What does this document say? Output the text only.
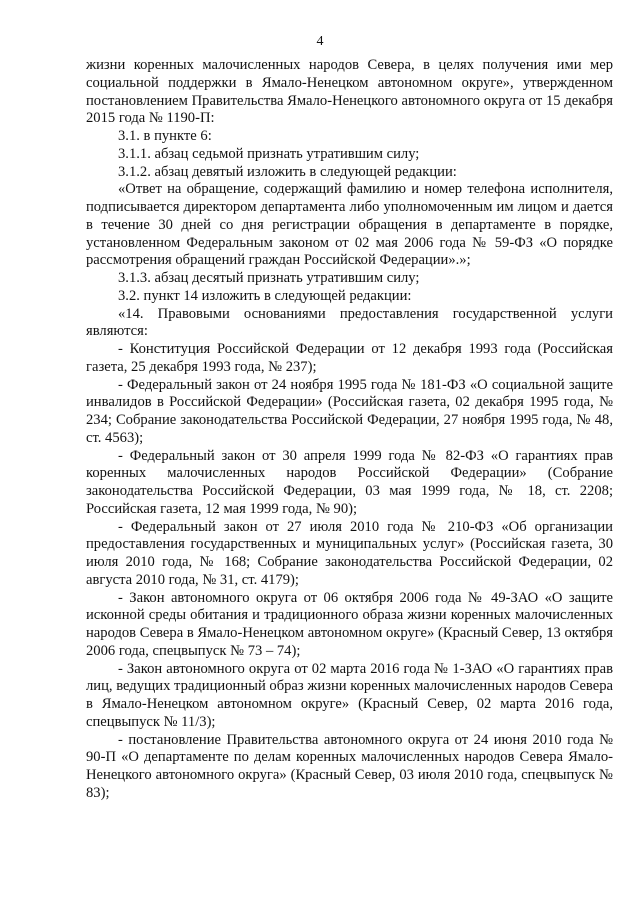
4

жизни коренных малочисленных народов Севера, в целях получения ими мер социальной поддержки в Ямало-Ненецком автономном округе», утвержденном постановлением Правительства Ямало-Ненецкого автономного округа от 15 декабря 2015 года № 1190-П:

3.1. в пункте 6:

3.1.1. абзац седьмой признать утратившим силу;

3.1.2. абзац девятый изложить в следующей редакции:

«Ответ на обращение, содержащий фамилию и номер телефона исполнителя, подписывается директором департамента либо уполномоченным им лицом и дается в течение 30 дней со дня регистрации обращения в департаменте в порядке, установленном Федеральным законом от 02 мая 2006 года № 59-ФЗ «О порядке рассмотрения обращений граждан Российской Федерации».»;

3.1.3. абзац десятый признать утратившим силу;

3.2. пункт 14 изложить в следующей редакции:

«14. Правовыми основаниями предоставления государственной услуги являются:

- Конституция Российской Федерации от 12 декабря 1993 года (Российская газета, 25 декабря 1993 года, № 237);

- Федеральный закон от 24 ноября 1995 года № 181-ФЗ «О социальной защите инвалидов в Российской Федерации» (Российская газета, 02 декабря 1995 года, № 234; Собрание законодательства Российской Федерации, 27 ноября 1995 года, № 48, ст. 4563);

- Федеральный закон от 30 апреля 1999 года № 82-ФЗ «О гарантиях прав коренных малочисленных народов Российской Федерации» (Собрание законодательства Российской Федерации, 03 мая 1999 года, № 18, ст. 2208; Российская газета, 12 мая 1999 года, № 90);

- Федеральный закон от 27 июля 2010 года № 210-ФЗ «Об организации предоставления государственных и муниципальных услуг» (Российская газета, 30 июля 2010 года, № 168; Собрание законодательства Российской Федерации, 02 августа 2010 года, № 31, ст. 4179);

- Закон автономного округа от 06 октября 2006 года № 49-ЗАО «О защите исконной среды обитания и традиционного образа жизни коренных малочисленных народов Севера в Ямало-Ненецком автономном округе» (Красный Север, 13 октября 2006 года, спецвыпуск № 73 – 74);

- Закон автономного округа от 02 марта 2016 года № 1-ЗАО «О гарантиях прав лиц, ведущих традиционный образ жизни коренных малочисленных народов Севера в Ямало-Ненецком автономном округе» (Красный Север, 02 марта 2016 года, спецвыпуск № 11/3);

- постановление Правительства автономного округа от 24 июня 2010 года № 90-П «О департаменте по делам коренных малочисленных народов Севера Ямало-Ненецкого автономного округа» (Красный Север, 03 июля 2010 года, спецвыпуск № 83);
